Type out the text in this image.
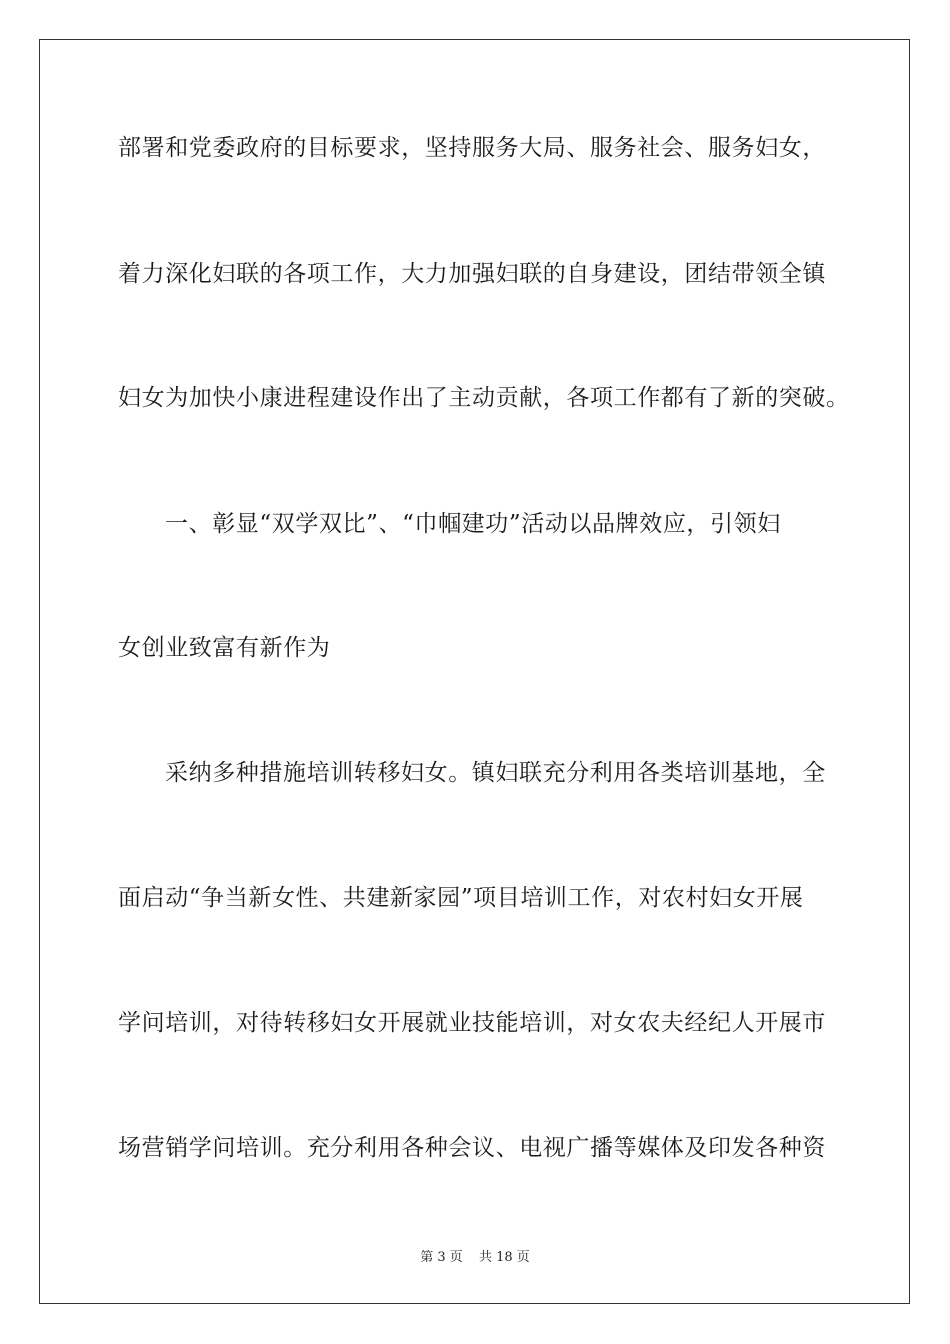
部署和党委政府的目标要求，坚持服务大局、服务社会、服务妇女，
着力深化妇联的各项工作，大力加强妇联的自身建设，团结带领全镇
妇女为加快小康进程建设作出了主动贡献，各项工作都有了新的突破。
一、彰显“双学双比”、“巾帼建功”活动以品牌效应，引领妇
女创业致富有新作为
采纳多种措施培训转移妇女。镇妇联充分利用各类培训基地，全
面启动“争当新女性、共建新家园”项目培训工作，对农村妇女开展
学问培训，对待转移妇女开展就业技能培训，对女农夫经纪人开展市
场营销学问培训。充分利用各种会议、电视广播等媒体及印发各种资
第 3 页 共 18 页
